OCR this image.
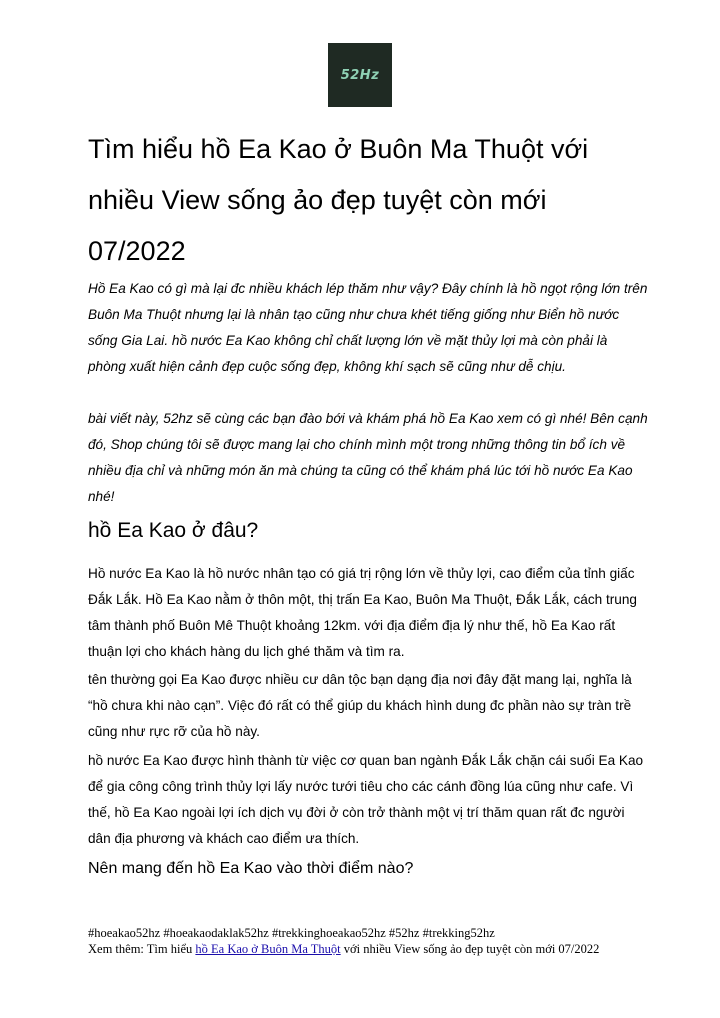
52Hz
Tìm hiểu hồ Ea Kao ở Buôn Ma Thuột với nhiều View sống ảo đẹp tuyệt còn mới 07/2022

Hồ Ea Kao có gì mà lại đc nhiều khách lép thăm như vậy? Đây chính là hồ ngọt rộng lớn trên Buôn Ma Thuột nhưng lại là nhân tạo cũng như chưa khét tiếng giống như Biển hồ nước sống Gia Lai. hồ nước Ea Kao không chỉ chất lượng lớn về mặt thủy lợi mà còn phải là phòng xuất hiện cảnh đẹp cuộc sống đẹp, không khí sạch sẽ cũng như dễ chịu.

bài viết này, 52hz sẽ cùng các bạn đào bới và khám phá hồ Ea Kao xem có gì nhé! Bên cạnh đó, Shop chúng tôi sẽ được mang lại cho chính mình một trong những thông tin bổ ích về nhiều địa chỉ và những món ăn mà chúng ta cũng có thể khám phá lúc tới hồ nước Ea Kao nhé!

hồ Ea Kao ở đâu?

Hồ nước Ea Kao là hồ nước nhân tạo có giá trị rộng lớn về thủy lợi, cao điểm của tỉnh giấc Đắk Lắk. Hồ Ea Kao nằm ở thôn một, thị trấn Ea Kao, Buôn Ma Thuột, Đắk Lắk, cách trung tâm thành phố Buôn Mê Thuột khoảng 12km. với địa điểm địa lý như thế, hồ Ea Kao rất thuận lợi cho khách hàng du lịch ghé thăm và tìm ra.

tên thường gọi Ea Kao được nhiều cư dân tộc bạn dạng địa nơi đây đặt mang lại, nghĩa là “hồ chưa khi nào cạn”. Việc đó rất có thể giúp du khách hình dung đc phần nào sự tràn trề cũng như rực rỡ của hồ này.

hồ nước Ea Kao được hình thành từ việc cơ quan ban ngành Đắk Lắk chặn cái suối Ea Kao để gia công công trình thủy lợi lấy nước tưới tiêu cho các cánh đồng lúa cũng như cafe. Vì thế, hồ Ea Kao ngoài lợi ích dịch vụ đời ở còn trở thành một vị trí thăm quan rất đc người dân địa phương và khách cao điểm ưa thích.

Nên mang đến hồ Ea Kao vào thời điểm nào?
#hoeakao52hz #hoeakaodaklak52hz #trekkinghoeakao52hz #52hz #trekking52hz
Xem thêm: Tìm hiểu hồ Ea Kao ở Buôn Ma Thuột với nhiều View sống ảo đẹp tuyệt còn mới 07/2022
